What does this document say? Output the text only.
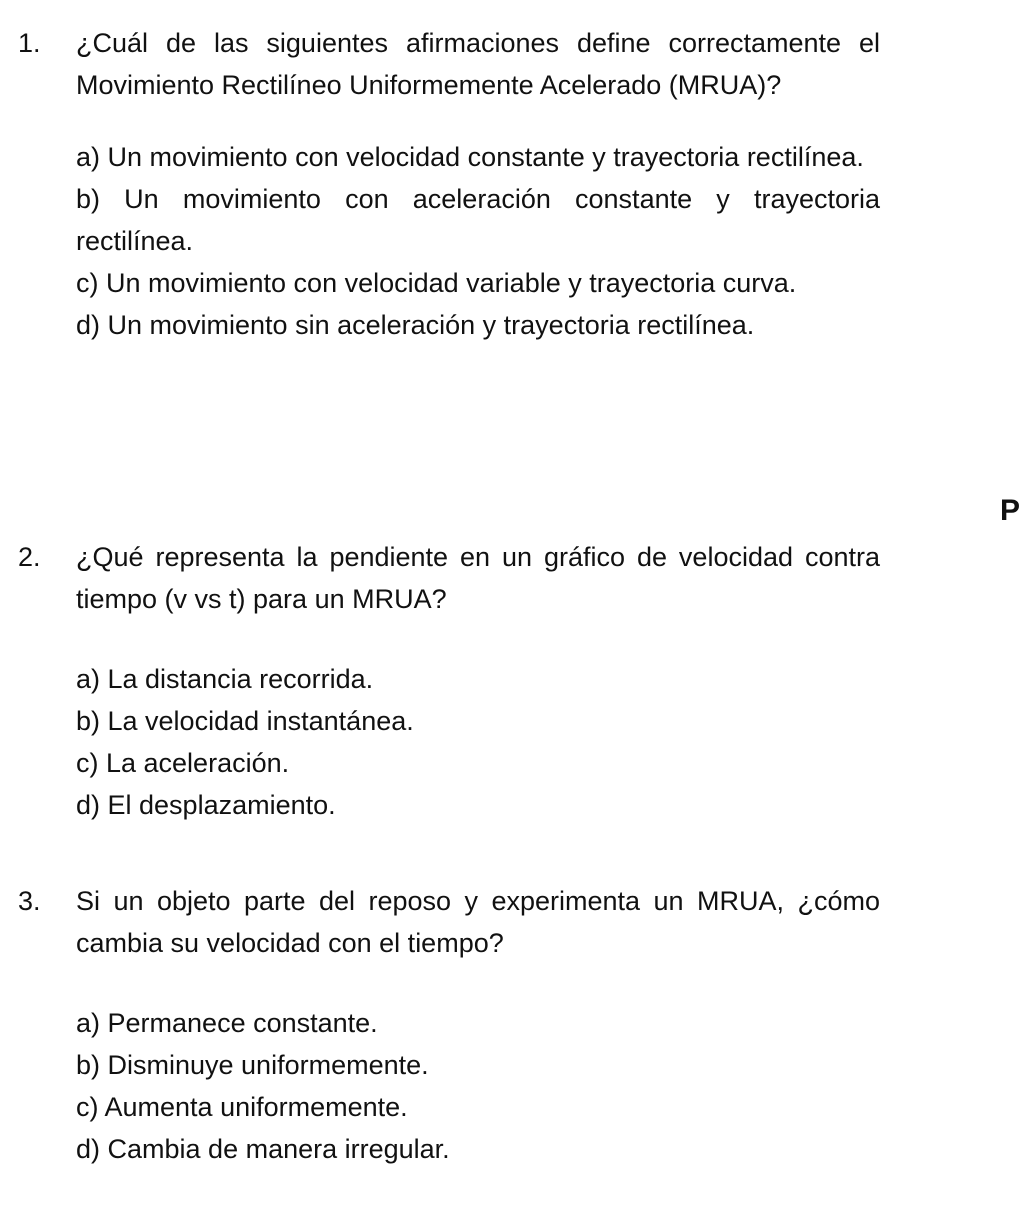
1.	¿Cuál de las siguientes afirmaciones define correctamente el Movimiento Rectilíneo Uniformemente Acelerado (MRUA)?
a) Un movimiento con velocidad constante y trayectoria rectilínea.
b) Un movimiento con aceleración constante y trayectoria rectilínea.
c) Un movimiento con velocidad variable y trayectoria curva.
d) Un movimiento sin aceleración y trayectoria rectilínea.
P
2.	¿Qué representa la pendiente en un gráfico de velocidad contra tiempo (v vs t) para un MRUA?
a) La distancia recorrida.
b) La velocidad instantánea.
c) La aceleración.
d) El desplazamiento.
3.	Si un objeto parte del reposo y experimenta un MRUA, ¿cómo cambia su velocidad con el tiempo?
a) Permanece constante.
b) Disminuye uniformemente.
c) Aumenta uniformemente.
d) Cambia de manera irregular.
